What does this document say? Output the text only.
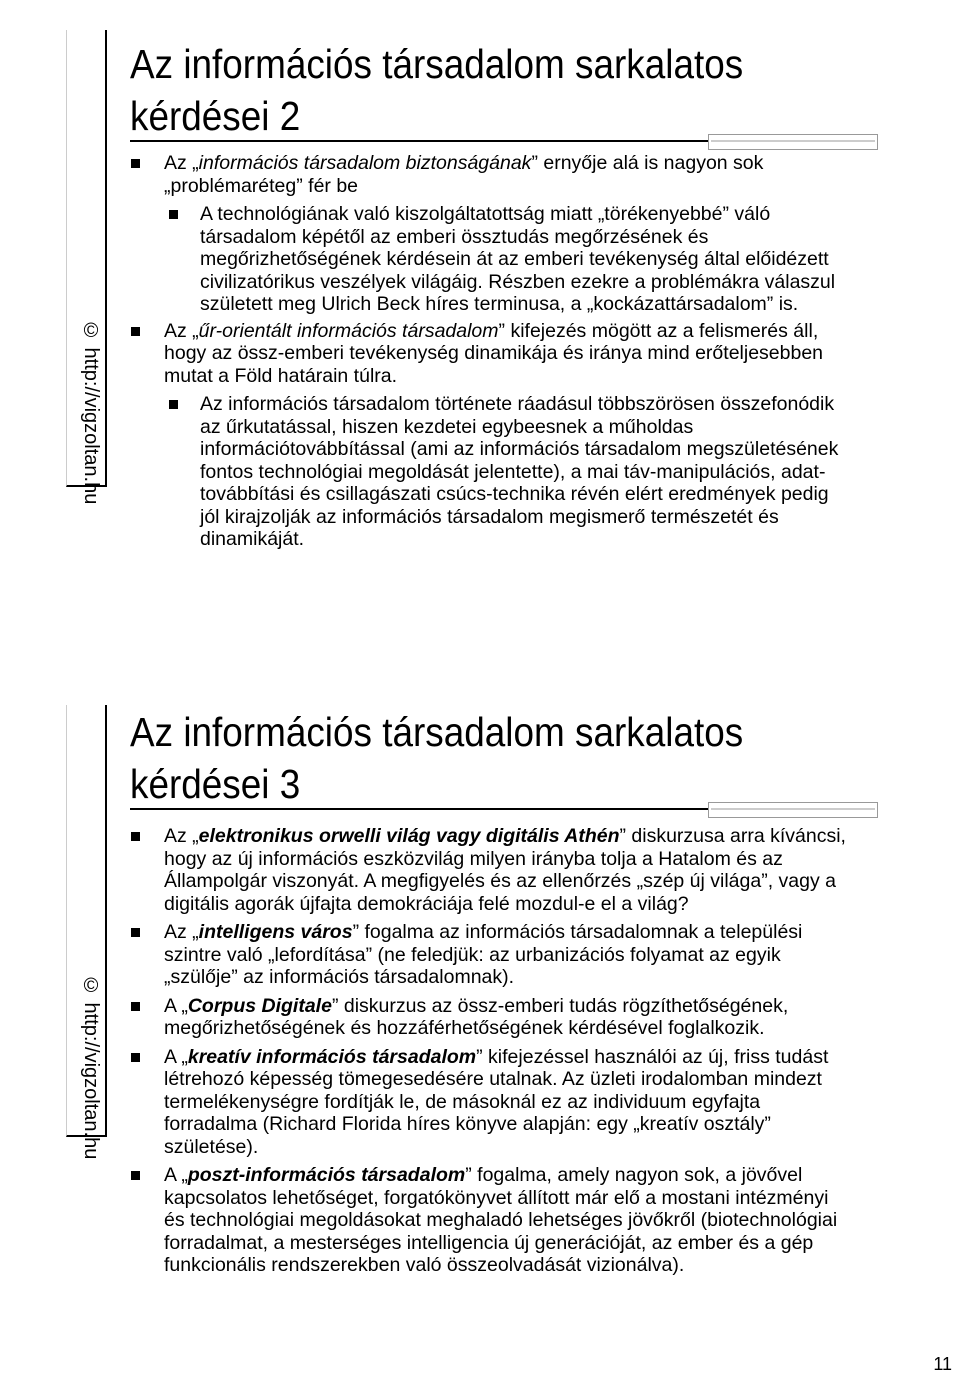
© http://vigzoltan.hu
Az információs társadalom sarkalatos
kérdései 2
Az „információs társadalom biztonságának” ernyője alá is nagyon sok „problémaréteg” fér be
A technológiának való kiszolgáltatottság miatt „törékenyebbé” váló társadalom képétől az emberi össztudás megőrzésének és megőrizhetőségének kérdésein át az emberi tevékenység által előidézett civilizatórikus veszélyek világáig. Részben ezekre a problémákra válaszul született meg Ulrich Beck híres terminusa, a „kockázattársadalom” is.
Az „űr-orientált információs társadalom” kifejezés mögött az a felismerés áll, hogy az össz-emberi tevékenység dinamikája és iránya mind erőteljesebben mutat a Föld határain túlra.
Az információs társadalom története ráadásul többszörösen összefonódik az űrkutatással, hiszen kezdetei egybeesnek a műholdas információtovábbítással (ami az információs társadalom megszületésének fontos technológiai megoldását jelentette), a mai táv-manipulációs, adat-továbbítási és csillagászati csúcs-technika révén elért eredmények pedig jól kirajzolják az információs társadalom megismerő természetét és dinamikáját.
© http://vigzoltan.hu
Az információs társadalom sarkalatos
kérdései 3
Az „elektronikus orwelli világ vagy digitális Athén” diskurzusa arra kíváncsi, hogy az új információs eszközvilág milyen irányba tolja a Hatalom és az Állampolgár viszonyát. A megfigyelés és az ellenőrzés „szép új világa”, vagy a digitális agorák újfajta demokráciája felé mozdul-e el a világ?
Az „intelligens város” fogalma az információs társadalomnak a települési szintre való „lefordítása” (ne feledjük: az urbanizációs folyamat az egyik „szülője” az információs társadalomnak).
A „Corpus Digitale” diskurzus az össz-emberi tudás rögzíthetőségének, megőrizhetőségének és hozzáférhetőségének kérdésével foglalkozik.
A „kreatív információs társadalom” kifejezéssel használói az új, friss tudást létrehozó képesség tömegesedésére utalnak. Az üzleti irodalomban mindezt termelékenységre fordítják le, de másoknál ez az individuum egyfajta forradalma (Richard Florida híres könyve alapján: egy „kreatív osztály” születése).
A „poszt-információs társadalom” fogalma, amely nagyon sok, a jövővel kapcsolatos lehetőséget, forgatókönyvet állított már elő a mostani intézményi és technológiai megoldásokat meghaladó lehetséges jövőkről (biotechnológiai forradalmat, a mesterséges intelligencia új generációját, az ember és a gép funkcionális rendszerekben való összeolvadását vizionálva).
11
